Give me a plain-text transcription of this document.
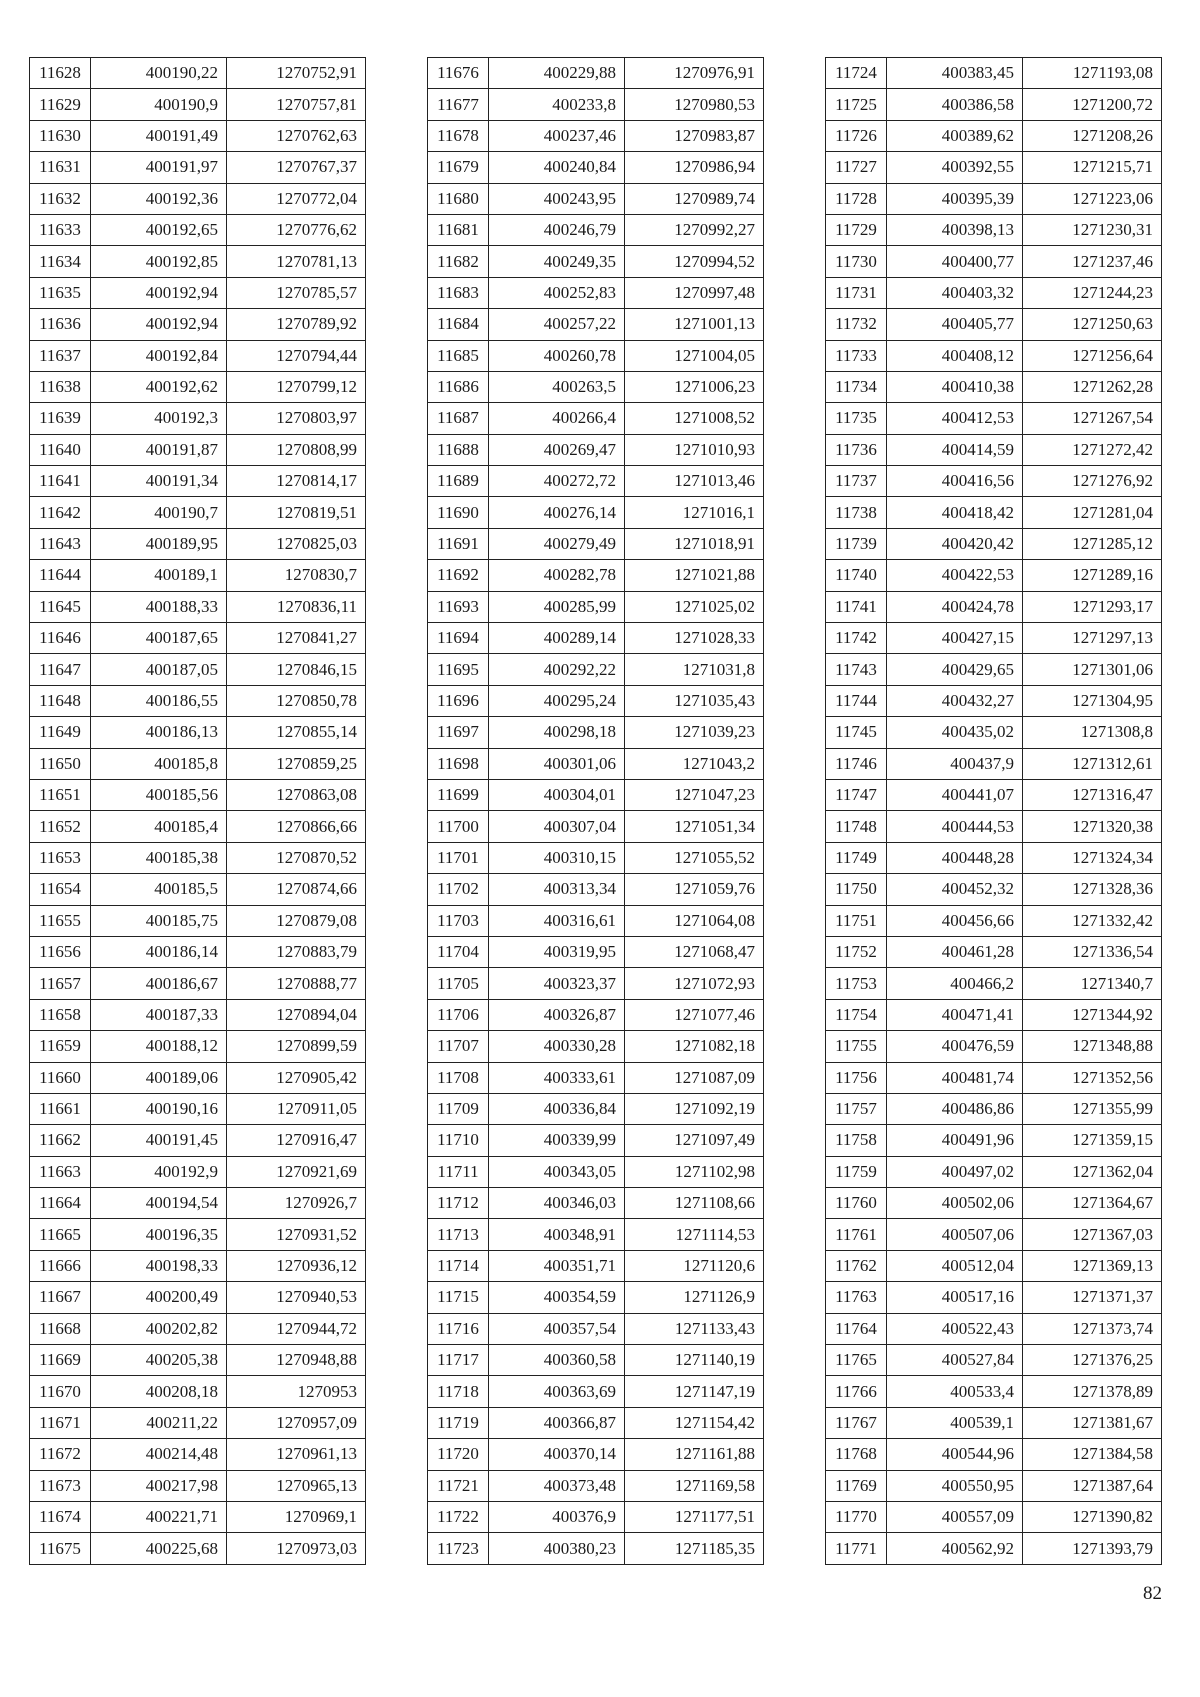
11628	400190,22	1270752,91
11629	400190,9	1270757,81
11630	400191,49	1270762,63
11631	400191,97	1270767,37
11632	400192,36	1270772,04
11633	400192,65	1270776,62
11634	400192,85	1270781,13
11635	400192,94	1270785,57
11636	400192,94	1270789,92
11637	400192,84	1270794,44
11638	400192,62	1270799,12
11639	400192,3	1270803,97
11640	400191,87	1270808,99
11641	400191,34	1270814,17
11642	400190,7	1270819,51
11643	400189,95	1270825,03
11644	400189,1	1270830,7
11645	400188,33	1270836,11
11646	400187,65	1270841,27
11647	400187,05	1270846,15
11648	400186,55	1270850,78
11649	400186,13	1270855,14
11650	400185,8	1270859,25
11651	400185,56	1270863,08
11652	400185,4	1270866,66
11653	400185,38	1270870,52
11654	400185,5	1270874,66
11655	400185,75	1270879,08
11656	400186,14	1270883,79
11657	400186,67	1270888,77
11658	400187,33	1270894,04
11659	400188,12	1270899,59
11660	400189,06	1270905,42
11661	400190,16	1270911,05
11662	400191,45	1270916,47
11663	400192,9	1270921,69
11664	400194,54	1270926,7
11665	400196,35	1270931,52
11666	400198,33	1270936,12
11667	400200,49	1270940,53
11668	400202,82	1270944,72
11669	400205,38	1270948,88
11670	400208,18	1270953
11671	400211,22	1270957,09
11672	400214,48	1270961,13
11673	400217,98	1270965,13
11674	400221,71	1270969,1
11675	400225,68	1270973,03
11676	400229,88	1270976,91
11677	400233,8	1270980,53
11678	400237,46	1270983,87
11679	400240,84	1270986,94
11680	400243,95	1270989,74
11681	400246,79	1270992,27
11682	400249,35	1270994,52
11683	400252,83	1270997,48
11684	400257,22	1271001,13
11685	400260,78	1271004,05
11686	400263,5	1271006,23
11687	400266,4	1271008,52
11688	400269,47	1271010,93
11689	400272,72	1271013,46
11690	400276,14	1271016,1
11691	400279,49	1271018,91
11692	400282,78	1271021,88
11693	400285,99	1271025,02
11694	400289,14	1271028,33
11695	400292,22	1271031,8
11696	400295,24	1271035,43
11697	400298,18	1271039,23
11698	400301,06	1271043,2
11699	400304,01	1271047,23
11700	400307,04	1271051,34
11701	400310,15	1271055,52
11702	400313,34	1271059,76
11703	400316,61	1271064,08
11704	400319,95	1271068,47
11705	400323,37	1271072,93
11706	400326,87	1271077,46
11707	400330,28	1271082,18
11708	400333,61	1271087,09
11709	400336,84	1271092,19
11710	400339,99	1271097,49
11711	400343,05	1271102,98
11712	400346,03	1271108,66
11713	400348,91	1271114,53
11714	400351,71	1271120,6
11715	400354,59	1271126,9
11716	400357,54	1271133,43
11717	400360,58	1271140,19
11718	400363,69	1271147,19
11719	400366,87	1271154,42
11720	400370,14	1271161,88
11721	400373,48	1271169,58
11722	400376,9	1271177,51
11723	400380,23	1271185,35
11724	400383,45	1271193,08
11725	400386,58	1271200,72
11726	400389,62	1271208,26
11727	400392,55	1271215,71
11728	400395,39	1271223,06
11729	400398,13	1271230,31
11730	400400,77	1271237,46
11731	400403,32	1271244,23
11732	400405,77	1271250,63
11733	400408,12	1271256,64
11734	400410,38	1271262,28
11735	400412,53	1271267,54
11736	400414,59	1271272,42
11737	400416,56	1271276,92
11738	400418,42	1271281,04
11739	400420,42	1271285,12
11740	400422,53	1271289,16
11741	400424,78	1271293,17
11742	400427,15	1271297,13
11743	400429,65	1271301,06
11744	400432,27	1271304,95
11745	400435,02	1271308,8
11746	400437,9	1271312,61
11747	400441,07	1271316,47
11748	400444,53	1271320,38
11749	400448,28	1271324,34
11750	400452,32	1271328,36
11751	400456,66	1271332,42
11752	400461,28	1271336,54
11753	400466,2	1271340,7
11754	400471,41	1271344,92
11755	400476,59	1271348,88
11756	400481,74	1271352,56
11757	400486,86	1271355,99
11758	400491,96	1271359,15
11759	400497,02	1271362,04
11760	400502,06	1271364,67
11761	400507,06	1271367,03
11762	400512,04	1271369,13
11763	400517,16	1271371,37
11764	400522,43	1271373,74
11765	400527,84	1271376,25
11766	400533,4	1271378,89
11767	400539,1	1271381,67
11768	400544,96	1271384,58
11769	400550,95	1271387,64
11770	400557,09	1271390,82
11771	400562,92	1271393,79
82
